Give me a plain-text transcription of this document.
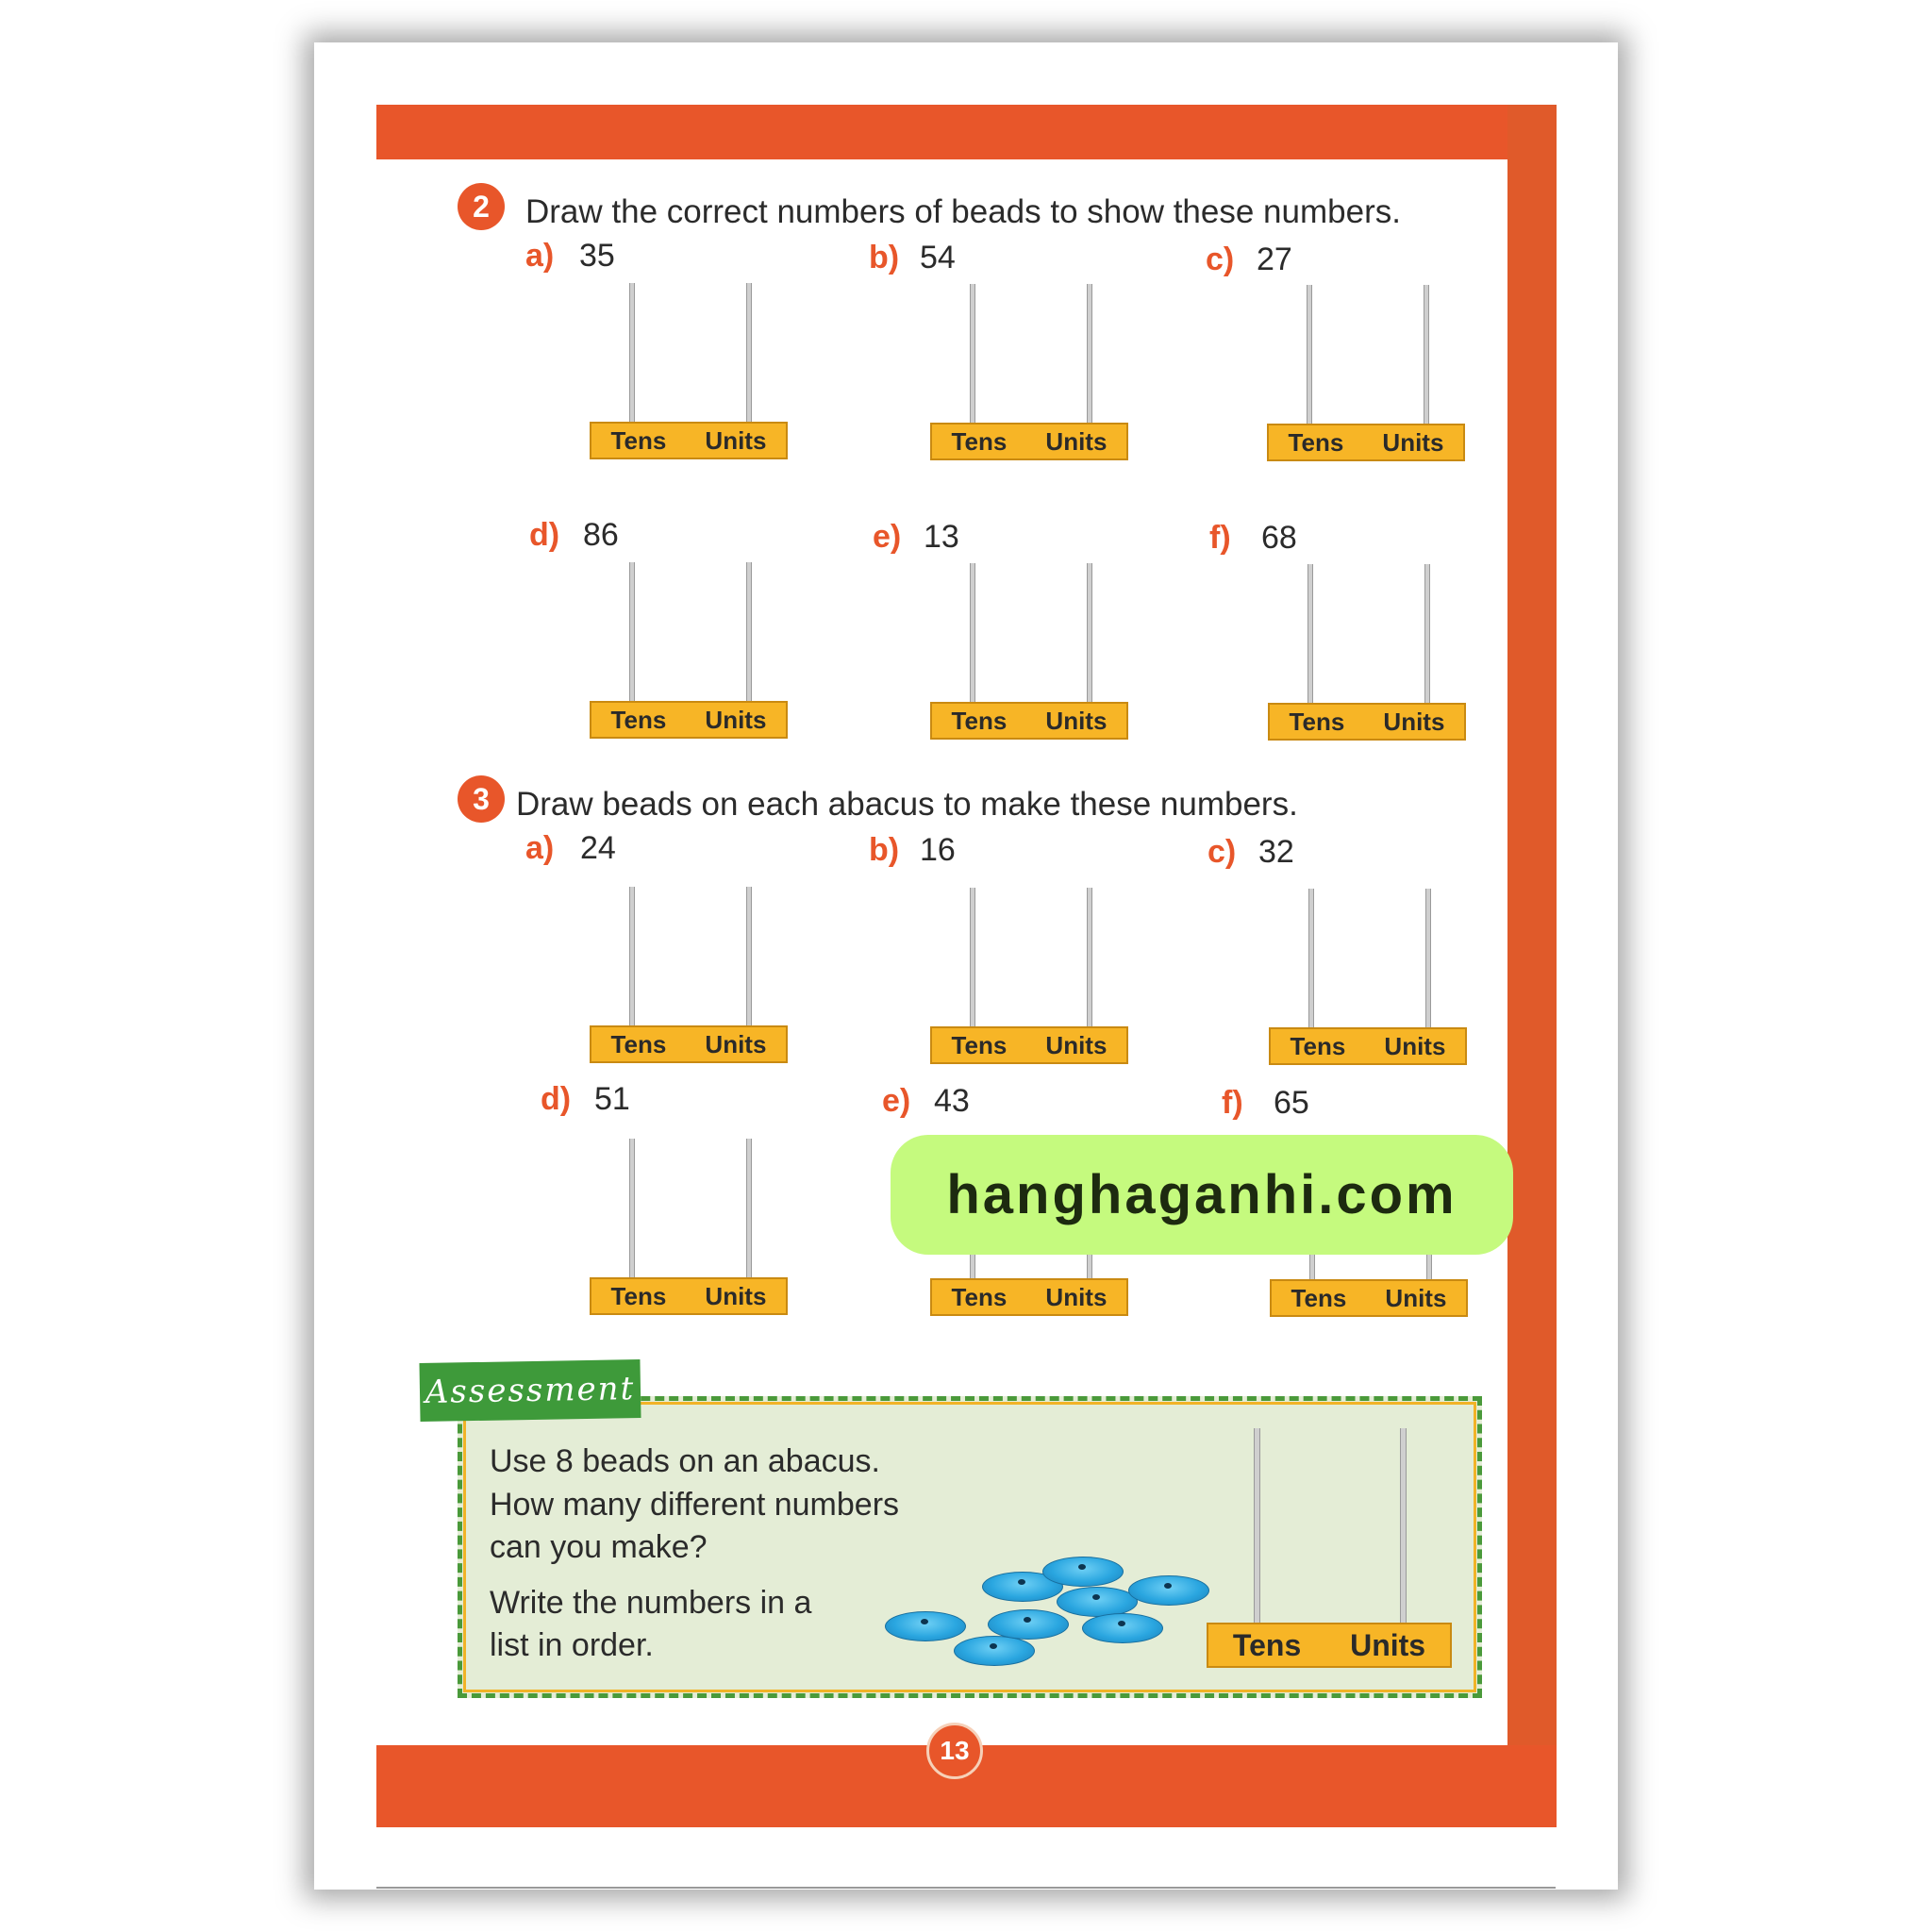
2	Draw the correct numbers of beads to show these numbers.
a) 35
Tens Units
b) 54
Tens Units
c) 27
Tens Units
d) 86
Tens Units
e) 13
Tens Units
f) 68
Tens Units
3 Draw beads on each abacus to make these numbers.
a) 24
Tens Units
b) 16
Tens Units
c) 32
Tens Units
d) 51
Tens Units
e) 43
Tens Units
f) 65
Tens Units
hanghaganhi.com
Assessment
Use 8 beads on an abacus.
How many different numbers
can you make?
Write the numbers in a
list in order.	Tens Units
13
